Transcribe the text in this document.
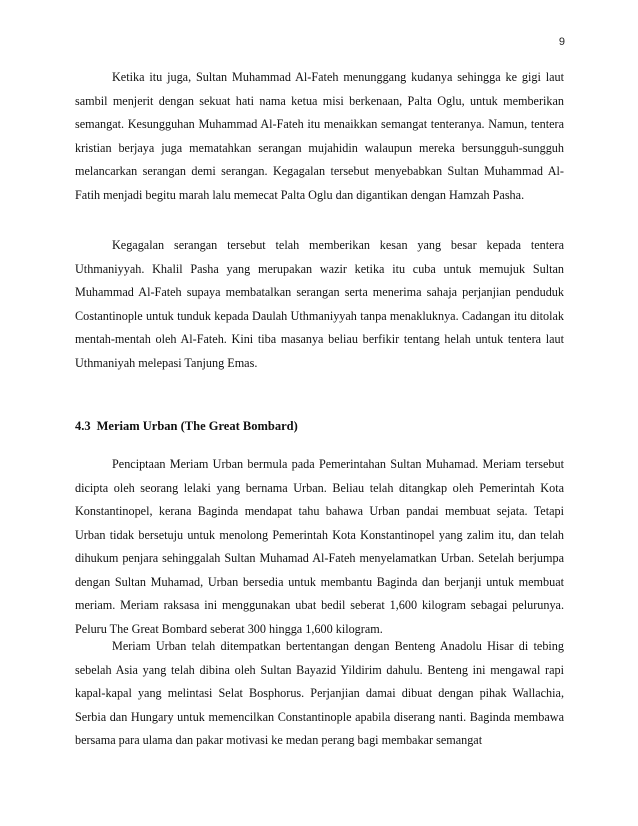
9

Ketika itu juga, Sultan Muhammad Al-Fateh menunggang kudanya sehingga ke gigi laut sambil menjerit dengan sekuat hati nama ketua misi berkenaan, Palta Oglu, untuk memberikan semangat. Kesungguhan Muhammad Al-Fateh itu menaikkan semangat tenteranya. Namun, tentera kristian berjaya juga mematahkan serangan mujahidin walaupun mereka bersungguh-sungguh melancarkan serangan demi serangan. Kegagalan tersebut menyebabkan Sultan Muhammad Al-Fatih menjadi begitu marah lalu memecat Palta Oglu dan digantikan dengan Hamzah Pasha.

Kegagalan serangan tersebut telah memberikan kesan yang besar kepada tentera Uthmaniyyah. Khalil Pasha yang merupakan wazir ketika itu cuba untuk memujuk Sultan Muhammad Al-Fateh supaya membatalkan serangan serta menerima sahaja perjanjian penduduk Costantinople untuk tunduk kepada Daulah Uthmaniyyah tanpa menakluknya. Cadangan itu ditolak mentah-mentah oleh Al-Fateh. Kini tiba masanya beliau berfikir tentang helah untuk tentera laut Uthmaniyah melepasi Tanjung Emas.

4.3 Meriam Urban (The Great Bombard)

Penciptaan Meriam Urban bermula pada Pemerintahan Sultan Muhamad. Meriam tersebut dicipta oleh seorang lelaki yang bernama Urban. Beliau telah ditangkap oleh Pemerintah Kota Konstantinopel, kerana Baginda mendapat tahu bahawa Urban pandai membuat sejata. Tetapi Urban tidak bersetuju untuk menolong Pemerintah Kota Konstantinopel yang zalim itu, dan telah dihukum penjara sehinggalah Sultan Muhamad Al-Fateh menyelamatkan Urban. Setelah berjumpa dengan Sultan Muhamad, Urban bersedia untuk membantu Baginda dan berjanji untuk membuat meriam. Meriam raksasa ini menggunakan ubat bedil seberat 1,600 kilogram sebagai pelurunya. Peluru The Great Bombard seberat 300 hingga 1,600 kilogram.

Meriam Urban telah ditempatkan bertentangan dengan Benteng Anadolu Hisar di tebing sebelah Asia yang telah dibina oleh Sultan Bayazid Yildirim dahulu. Benteng ini mengawal rapi kapal-kapal yang melintasi Selat Bosphorus. Perjanjian damai dibuat dengan pihak Wallachia, Serbia dan Hungary untuk memencilkan Constantinople apabila diserang nanti. Baginda membawa bersama para ulama dan pakar motivasi ke medan perang bagi membakar semangat
